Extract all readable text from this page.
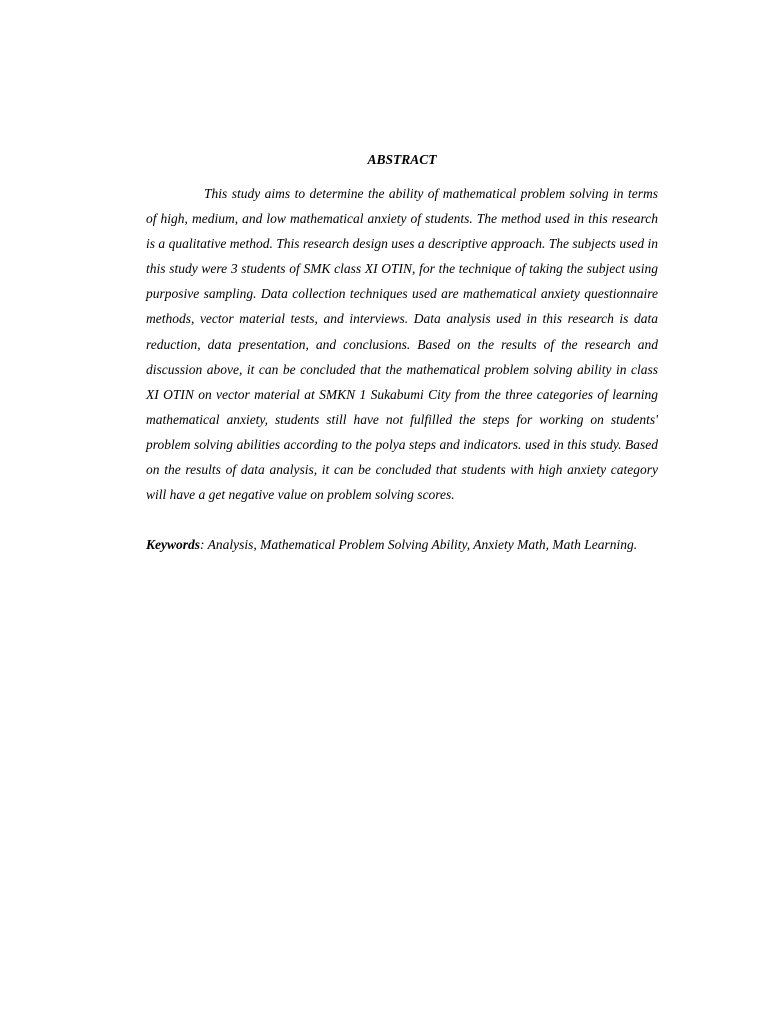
ABSTRACT

This study aims to determine the ability of mathematical problem solving in terms of high, medium, and low mathematical anxiety of students. The method used in this research is a qualitative method. This research design uses a descriptive approach. The subjects used in this study were 3 students of SMK class XI OTIN, for the technique of taking the subject using purposive sampling. Data collection techniques used are mathematical anxiety questionnaire methods, vector material tests, and interviews. Data analysis used in this research is data reduction, data presentation, and conclusions. Based on the results of the research and discussion above, it can be concluded that the mathematical problem solving ability in class XI OTIN on vector material at SMKN 1 Sukabumi City from the three categories of learning mathematical anxiety, students still have not fulfilled the steps for working on students' problem solving abilities according to the polya steps and indicators. used in this study. Based on the results of data analysis, it can be concluded that students with high anxiety category will have a get negative value on problem solving scores.

Keywords: Analysis, Mathematical Problem Solving Ability, Anxiety Math, Math Learning.
